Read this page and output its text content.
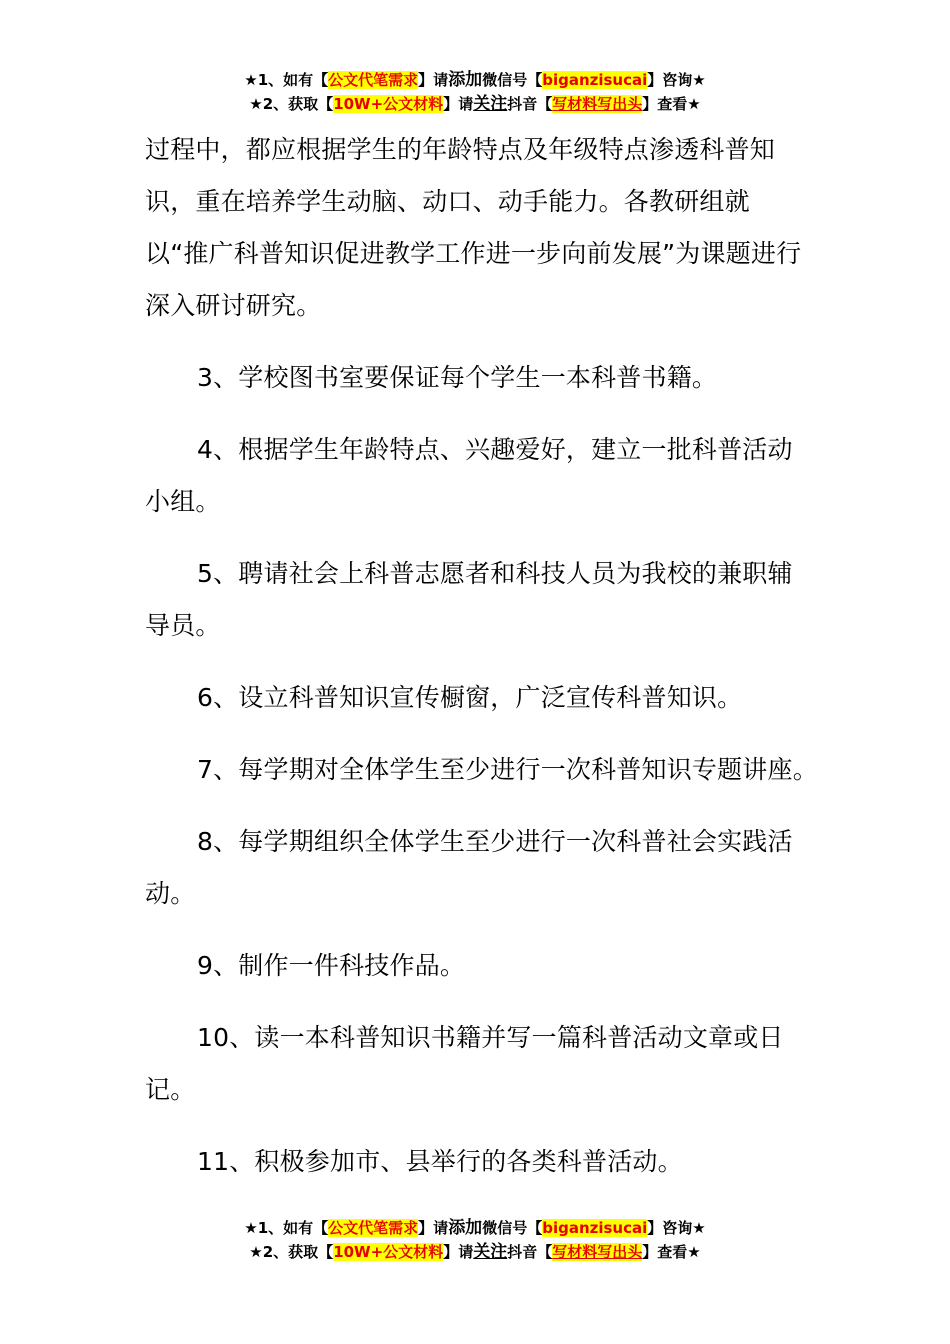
★1、如有【公文代笔需求】请添加微信号【biganzisucai】咨询★
★2、获取【10W+公文材料】请关注抖音【写材料写出头】查看★

过程中，都应根据学生的年龄特点及年级特点渗透科普知识，重在培养学生动脑、动口、动手能力。各教研组就以“推广科普知识促进教学工作进一步向前发展”为课题进行深入研讨研究。

3、学校图书室要保证每个学生一本科普书籍。

4、根据学生年龄特点、兴趣爱好，建立一批科普活动小组。

5、聘请社会上科普志愿者和科技人员为我校的兼职辅导员。

6、设立科普知识宣传橱窗，广泛宣传科普知识。

7、每学期对全体学生至少进行一次科普知识专题讲座。

8、每学期组织全体学生至少进行一次科普社会实践活动。

9、制作一件科技作品。

10、读一本科普知识书籍并写一篇科普活动文章或日记。

11、积极参加市、县举行的各类科普活动。

★1、如有【公文代笔需求】请添加微信号【biganzisucai】咨询★
★2、获取【10W+公文材料】请关注抖音【写材料写出头】查看★
